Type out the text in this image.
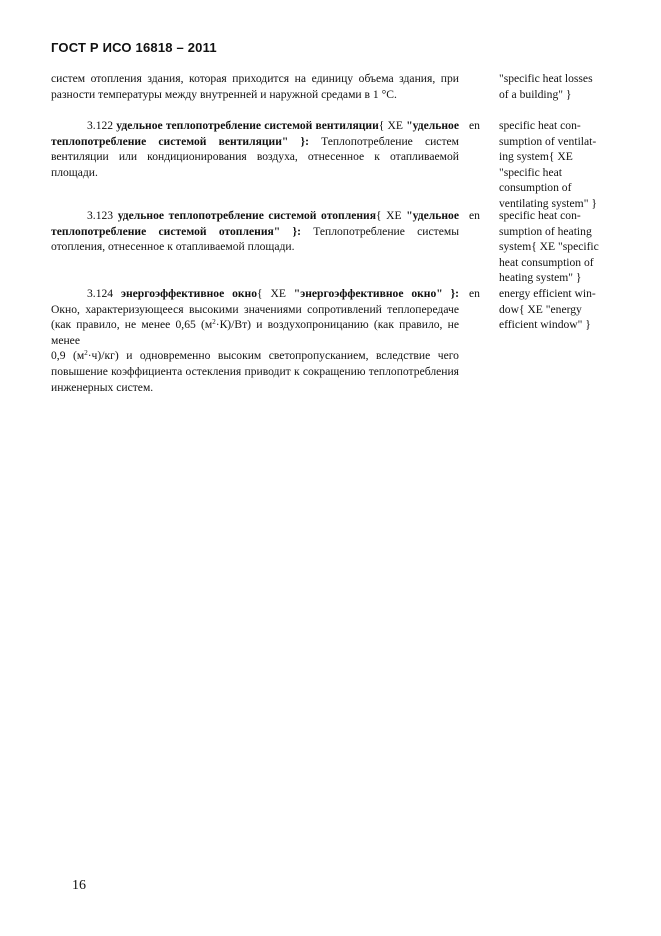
ГОСТ Р ИСО 16818 – 2011

систем отопления здания, которая приходится на единицу объема здания, при разности температуры между внутренней и наружной средами в 1 °С.

"specific heat losses
of a building" }

3.122 удельное теплопотребление системой вентиляции{ XE "удельное теплопотребление системой вентиляции" }: Теплопотребление систем вентиляции или кондиционирования воздуха, отнесенное к отапливаемой площади.

en specific heat con-
sumption of ventilat-
ing system{ XE
"specific heat
consumption of
ventilating system" }

3.123 удельное теплопотребление системой отопления{ XE "удельное теплопотребление системой отопления" }: Теплопотребление системы отопления, отнесенное к отапливаемой площади.

en specific heat con-
sumption of heating
system{ XE "specific
heat consumption of
heating system" }

3.124 энергоэффективное окно{ XE "энергоэффективное окно" }: Окно, характеризующееся высокими значениями сопротивлений теплопередаче (как правило, не менее 0,65 $(м^2\cdot К)/Вт$) и воздухопроницанию (как правило, не менее

0,9 $(м^2\cdot ч)/кг$) и одновременно высоким светопропусканием, вследствие чего повышение коэффициента остекления приводит к сокращению теплопотребления инженерных систем.

en energy efficient win-
dow{ XE "energy
efficient window" }
16
